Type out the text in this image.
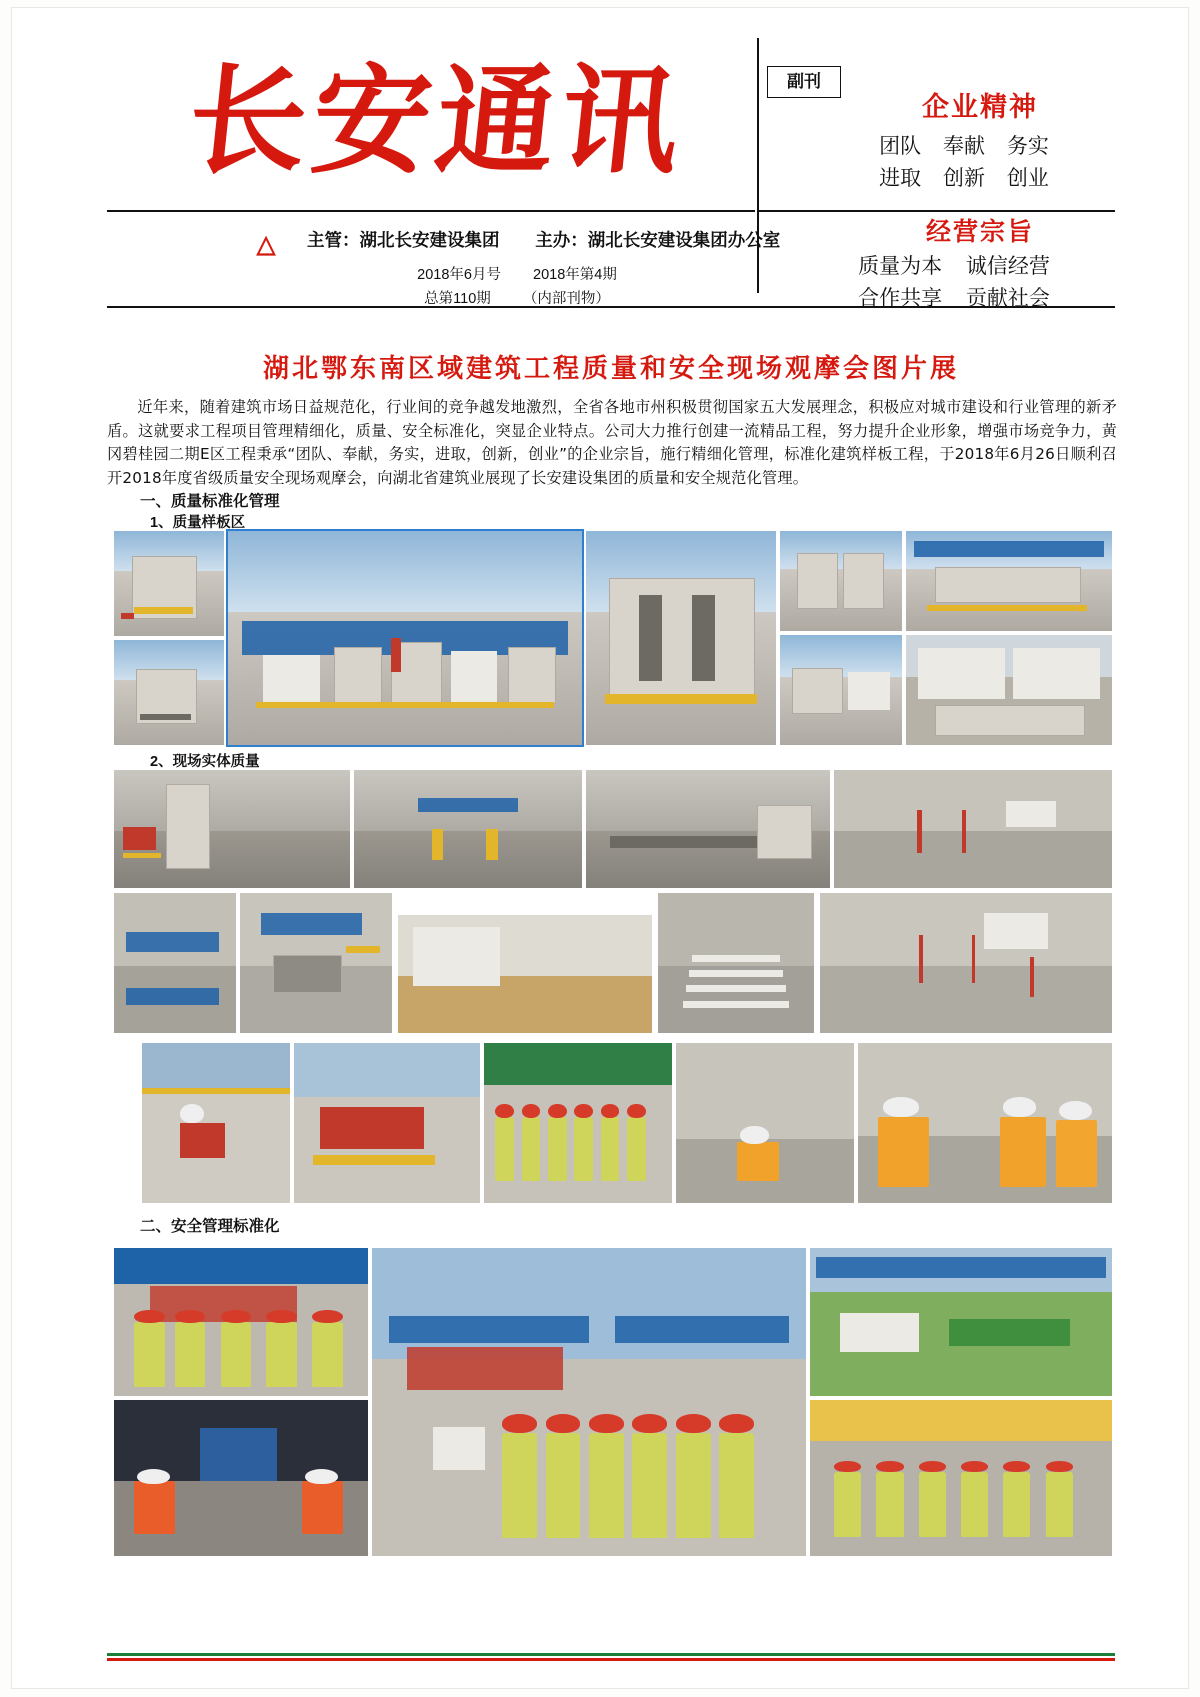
长安通讯
▵	主管：湖北长安建设集团 主办：湖北长安建设集团办公室
2018年6月号 2018年第4期
总第110期 （内部刊物）
副刊
企业精神
团队 奉献 务实
进取 创新 创业
经营宗旨
质量为本 诚信经营
合作共享 贡献社会
湖北鄂东南区域建筑工程质量和安全现场观摩会图片展

近年来，随着建筑市场日益规范化，行业间的竞争越发地激烈，全省各地市州积极贯彻国家五大发展理念，积极应对城市建设和行业管理的新矛盾。这就要求工程项目管理精细化，质量、安全标准化，突显企业特点。公司大力推行创建一流精品工程，努力提升企业形象，增强市场竞争力，黄冈碧桂园二期E区工程秉承“团队、奉献，务实，进取，创新，创业”的企业宗旨，施行精细化管理，标准化建筑样板工程，于2018年6月26日顺利召开2018年度省级质量安全现场观摩会，向湖北省建筑业展现了长安建设集团的质量和安全规范化管理。

一、质量标准化管理
1、质量样板区
2、现场实体质量
二、安全管理标准化
